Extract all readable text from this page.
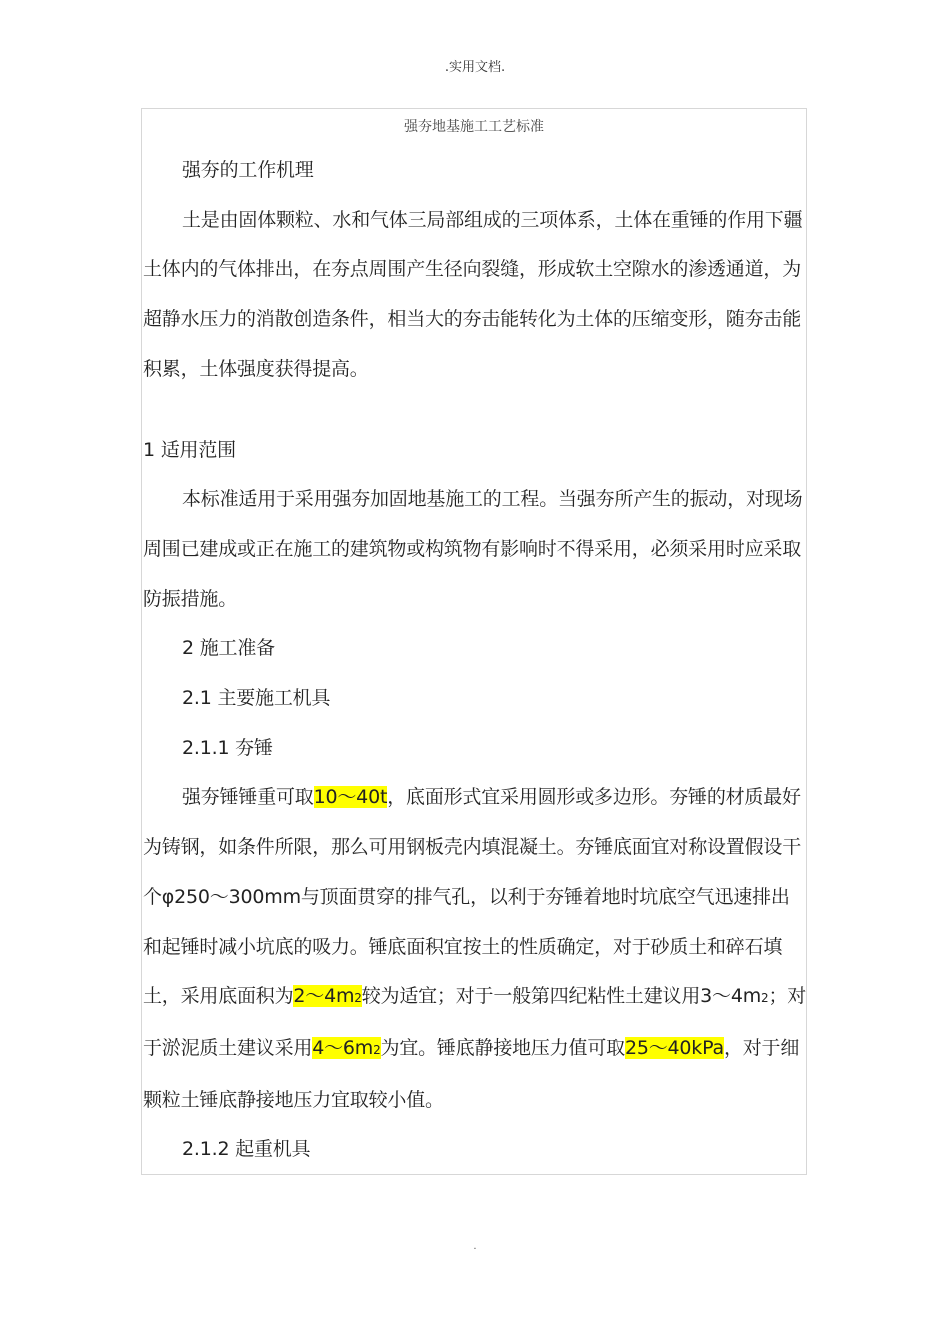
.实用文档.
强夯地基施工工艺标准

强夯的工作机理

土是由固体颗粒、水和气体三局部组成的三项体系，土体在重锤的作用下疆土体内的气体排出，在夯点周围产生径向裂缝，形成软土空隙水的渗透通道，为超静水压力的消散创造条件，相当大的夯击能转化为土体的压缩变形，随夯击能积累，土体强度获得提高。

1 适用范围

本标准适用于采用强夯加固地基施工的工程。当强夯所产生的振动，对现场周围已建成或正在施工的建筑物或构筑物有影响时不得采用，必须采用时应采取防振措施。

2 施工准备

2.1 主要施工机具

2.1.1 夯锤

强夯锤锤重可取10～40t，底面形式宜采用圆形或多边形。夯锤的材质最好为铸钢，如条件所限，那么可用钢板壳内填混凝土。夯锤底面宜对称设置假设干个φ250～300mm与顶面贯穿的排气孔，以利于夯锤着地时坑底空气迅速排出和起锤时减小坑底的吸力。锤底面积宜按土的性质确定，对于砂质土和碎石填土，采用底面积为2～4m2较为适宜；对于一般第四纪粘性土建议用3～4m2；对于淤泥质土建议采用4～6m2为宜。锤底静接地压力值可取25～40kPa，对于细颗粒土锤底静接地压力宜取较小值。

2.1.2 起重机具

.
